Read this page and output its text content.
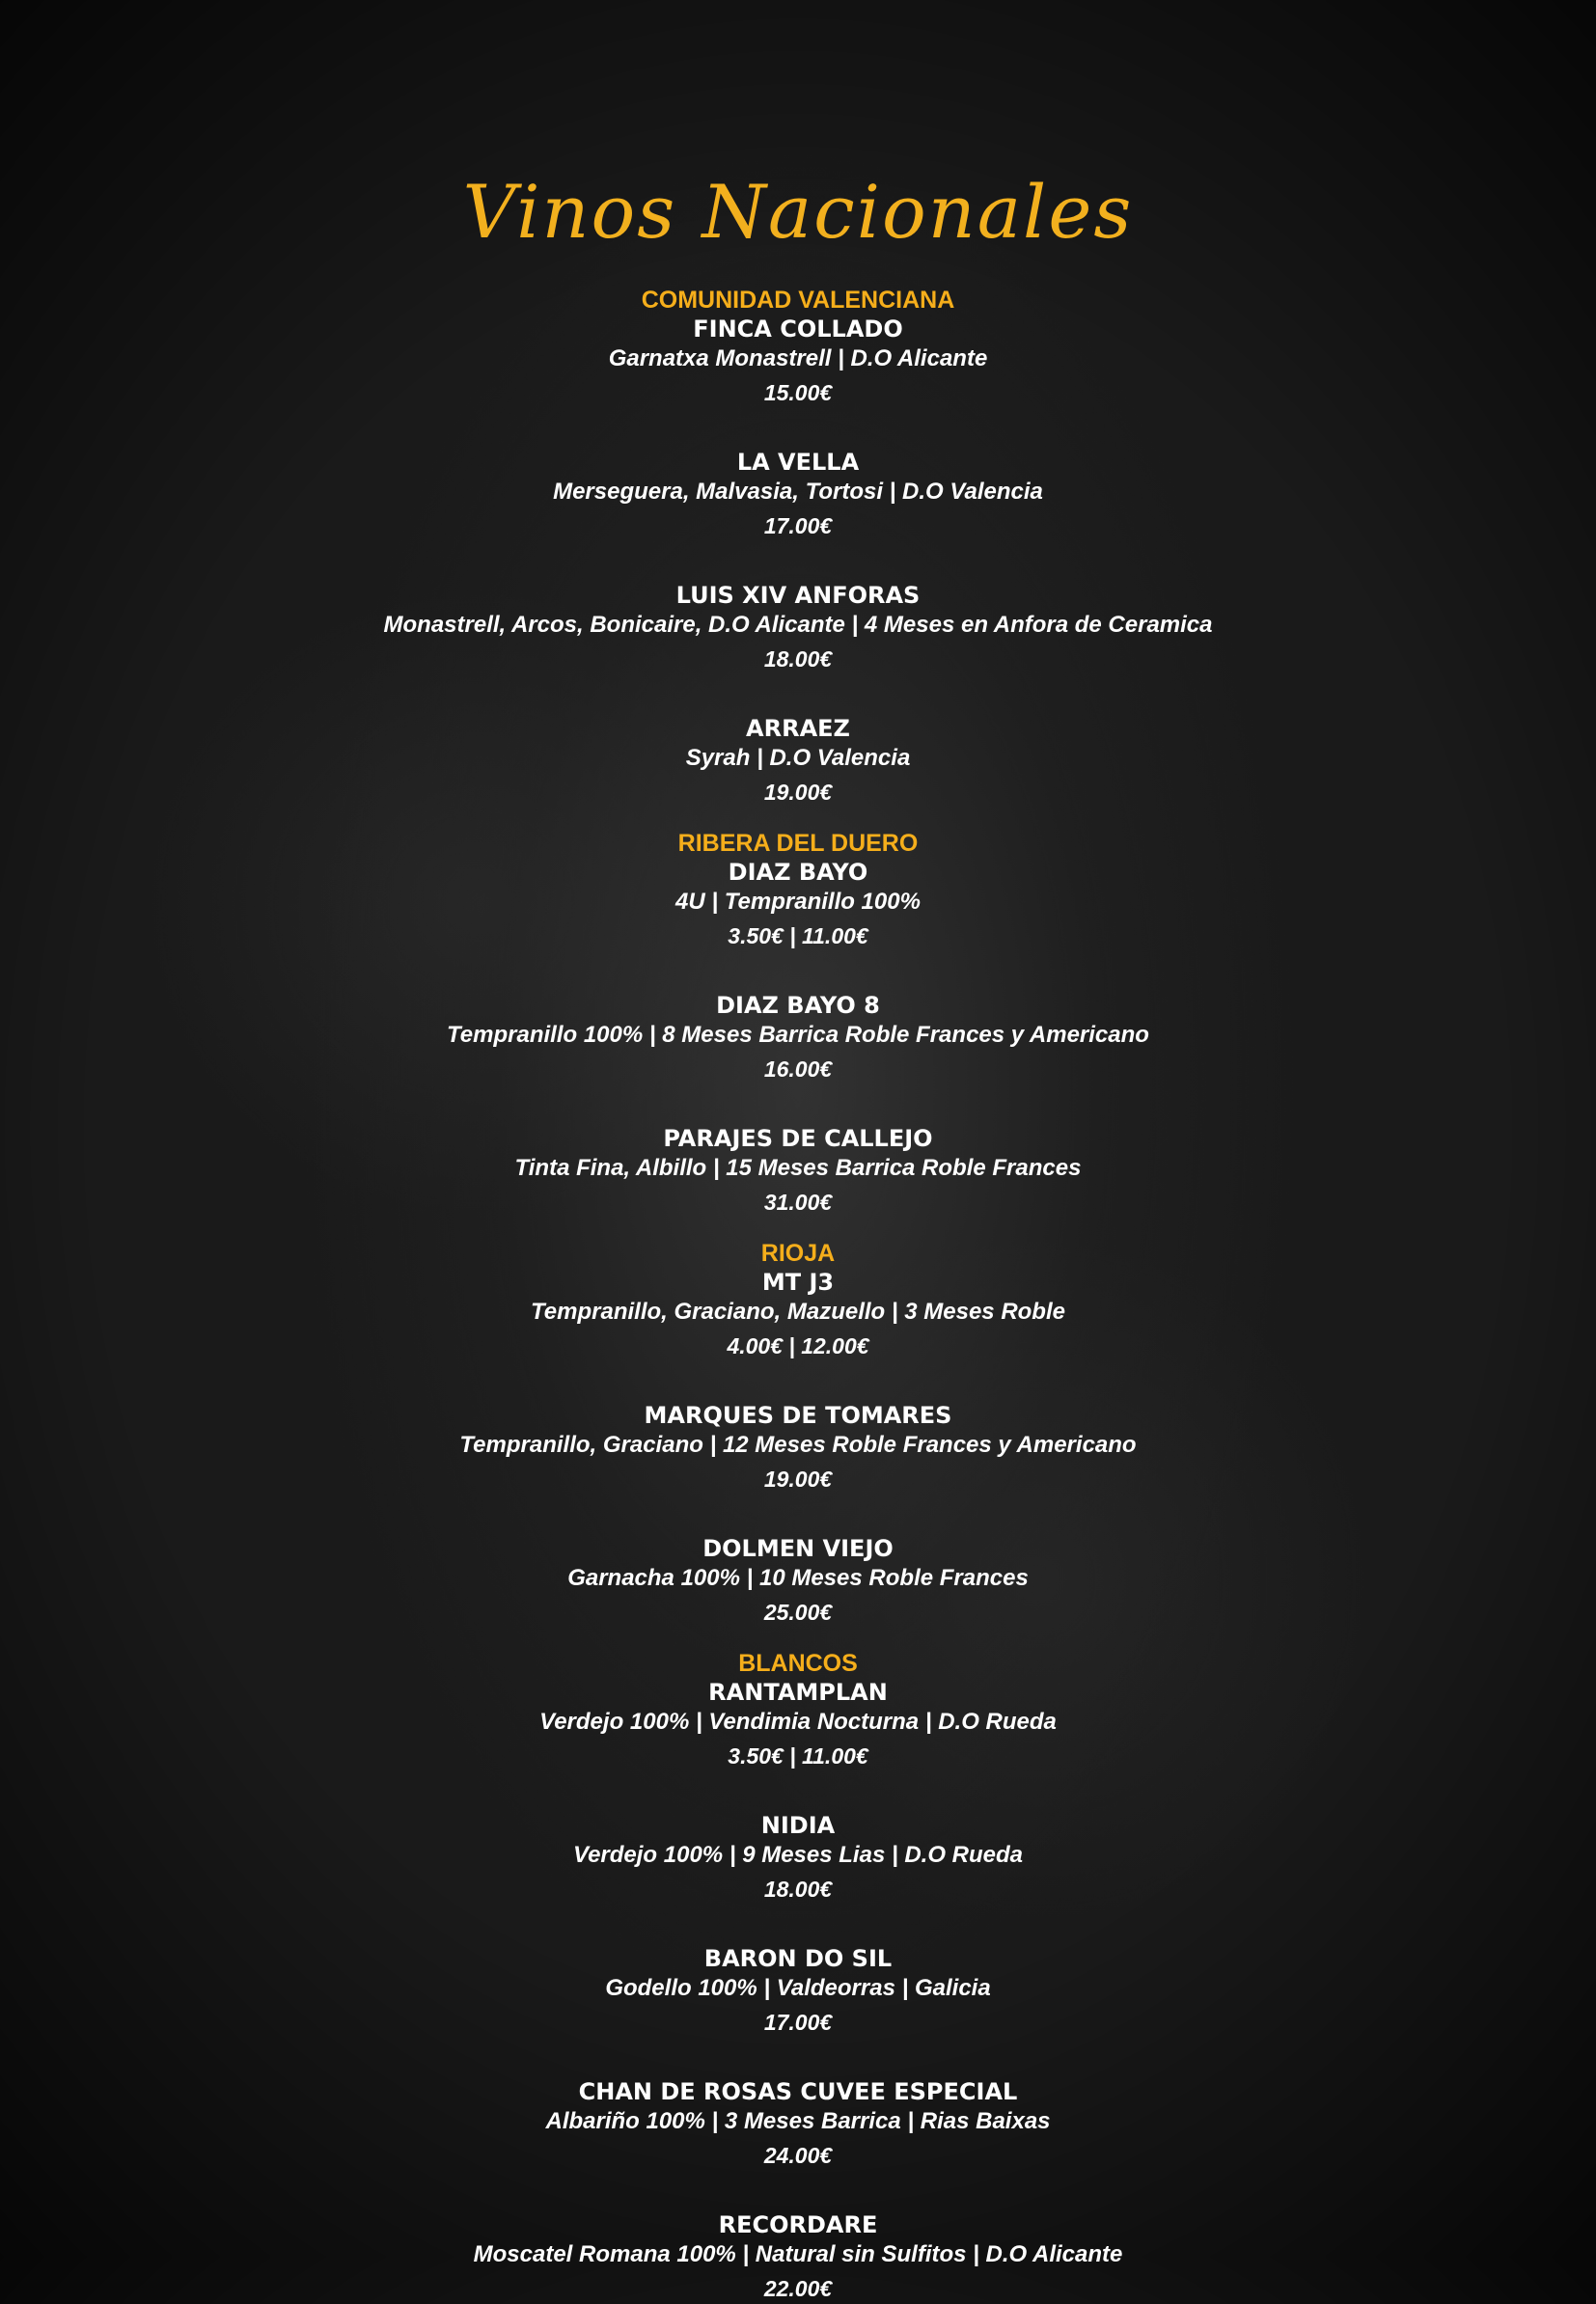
Vinos Nacionales
COMUNIDAD VALENCIANA
FINCA COLLADO
Garnatxa Monastrell | D.O Alicante
15.00€
LA VELLA
Merseguera, Malvasia, Tortosi | D.O Valencia
17.00€
LUIS XIV ANFORAS
Monastrell, Arcos, Bonicaire, D.O Alicante | 4 Meses en Anfora de Ceramica
18.00€
ARRAEZ
Syrah | D.O Valencia
19.00€
RIBERA DEL DUERO
DIAZ BAYO
4U | Tempranillo 100%
3.50€ | 11.00€
DIAZ BAYO 8
Tempranillo 100% | 8 Meses Barrica Roble Frances y Americano
16.00€
PARAJES DE CALLEJO
Tinta Fina, Albillo | 15 Meses Barrica Roble Frances
31.00€
RIOJA
MT J3
Tempranillo, Graciano, Mazuello | 3 Meses Roble
4.00€ | 12.00€
MARQUES DE TOMARES
Tempranillo, Graciano | 12 Meses Roble Frances y Americano
19.00€
DOLMEN VIEJO
Garnacha 100% | 10 Meses Roble Frances
25.00€
BLANCOS
RANTAMPLAN
Verdejo 100% | Vendimia Nocturna | D.O Rueda
3.50€ | 11.00€
NIDIA
Verdejo 100% | 9 Meses Lias | D.O Rueda
18.00€
BARON DO SIL
Godello 100% | Valdeorras | Galicia
17.00€
CHAN DE ROSAS CUVEE ESPECIAL
Albariño 100% | 3 Meses Barrica | Rias Baixas
24.00€
RECORDARE
Moscatel Romana 100% | Natural sin Sulfitos | D.O Alicante
22.00€
